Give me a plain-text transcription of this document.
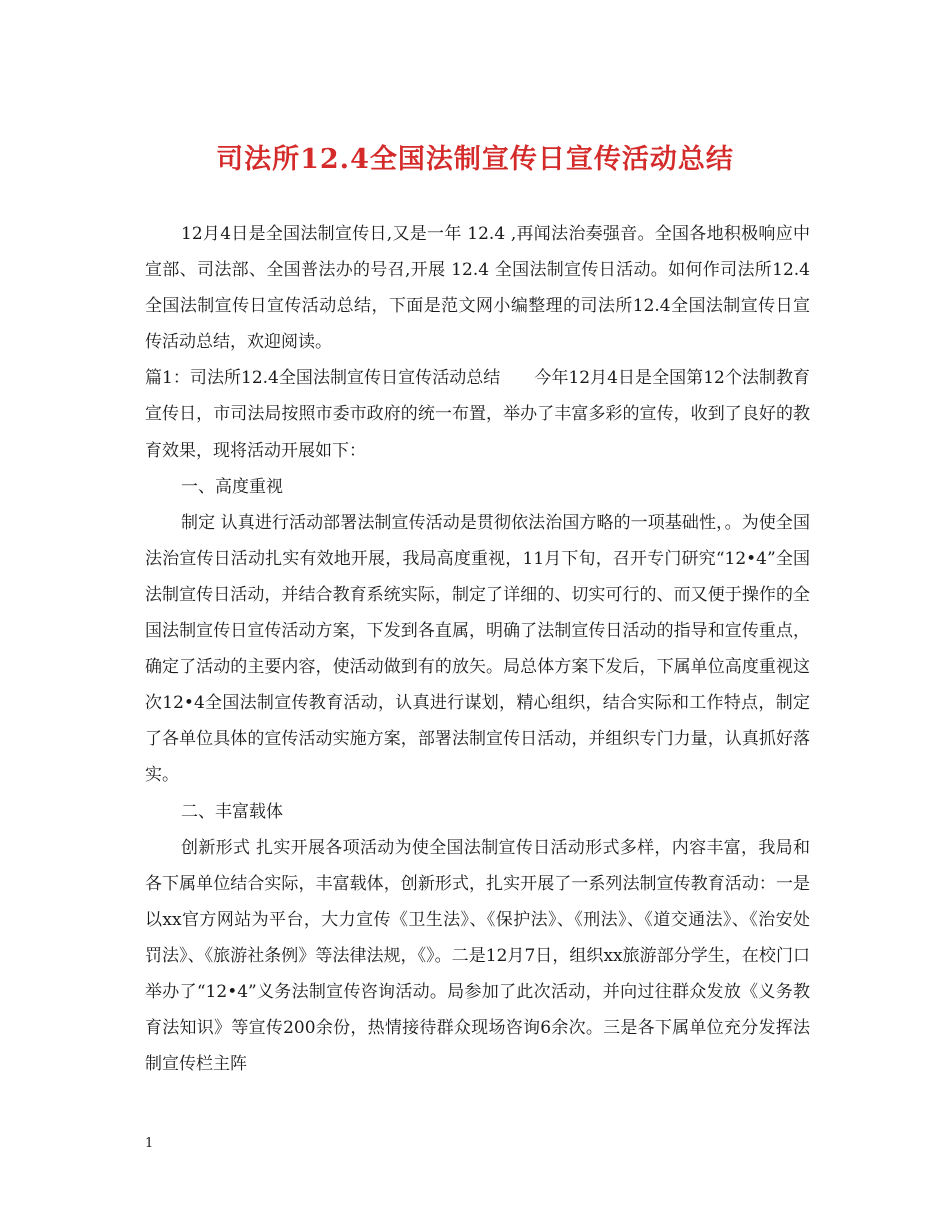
司法所12.4全国法制宣传日宣传活动总结

12月4日是全国法制宣传日,又是一年 12.4 ,再闻法治奏强音。全国各地积极响应中宣部、司法部、全国普法办的号召,开展 12.4 全国法制宣传日活动。如何作司法所12.4全国法制宣传日宣传活动总结，下面是范文网小编整理的司法所12.4全国法制宣传日宣传活动总结，欢迎阅读。

篇1：司法所12.4全国法制宣传日宣传活动总结　　今年12月4日是全国第12个法制教育宣传日，市司法局按照市委市政府的统一布置，举办了丰富多彩的宣传，收到了良好的教育效果，现将活动开展如下：

一、高度重视

制定 认真进行活动部署法制宣传活动是贯彻依法治国方略的一项基础性，。为使全国法治宣传日活动扎实有效地开展，我局高度重视，11月下旬，召开专门研究“12•4”全国法制宣传日活动，并结合教育系统实际，制定了详细的、切实可行的、而又便于操作的全国法制宣传日宣传活动方案，下发到各直属，明确了法制宣传日活动的指导和宣传重点，确定了活动的主要内容，使活动做到有的放矢。局总体方案下发后，下属单位高度重视这次12•4全国法制宣传教育活动，认真进行谋划，精心组织，结合实际和工作特点，制定了各单位具体的宣传活动实施方案，部署法制宣传日活动，并组织专门力量，认真抓好落实。

二、丰富载体

创新形式 扎实开展各项活动为使全国法制宣传日活动形式多样，内容丰富，我局和各下属单位结合实际，丰富载体，创新形式，扎实开展了一系列法制宣传教育活动：一是以xx官方网站为平台，大力宣传《卫生法》、《保护法》、《刑法》、《道交通法》、《治安处罚法》、《旅游社条例》等法律法规，《》。二是12月7日，组织xx旅游部分学生，在校门口举办了“12•4”义务法制宣传咨询活动。局参加了此次活动，并向过往群众发放《义务教育法知识》等宣传200余份，热情接待群众现场咨询6余次。三是各下属单位充分发挥法制宣传栏主阵

1
